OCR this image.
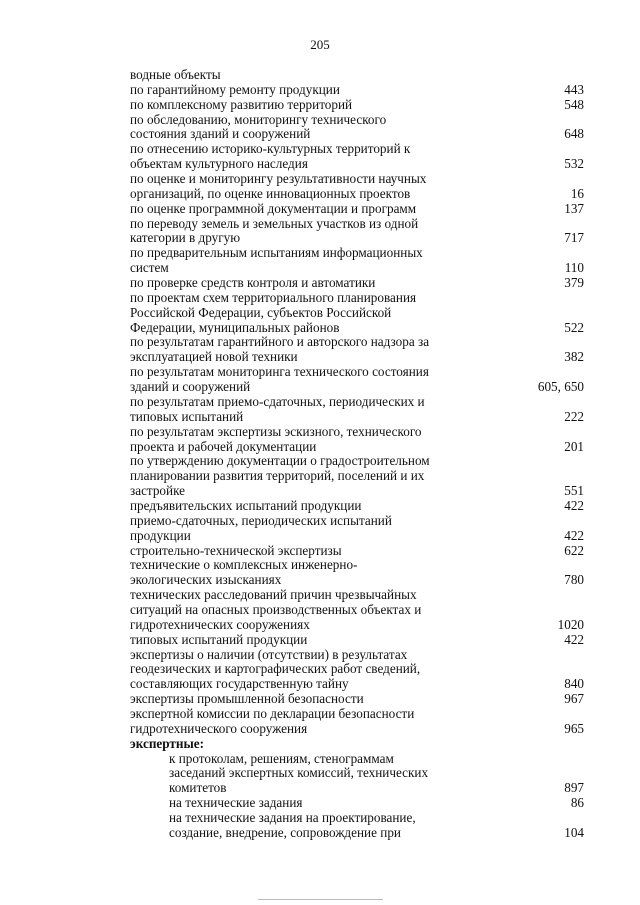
205
водные объекты
по гарантийному ремонту продукции	443
по комплексному развитию территорий	548
по обследованию, мониторингу технического
состояния зданий и сооружений	648
по отнесению историко-культурных территорий к
объектам культурного наследия	532
по оценке и мониторингу результативности научных
организаций, по оценке инновационных проектов	16
по оценке программной документации и программ	137
по переводу земель и земельных участков из одной
категории в другую	717
по предварительным испытаниям информационных
систем	110
по проверке средств контроля и автоматики	379
по проектам схем территориального планирования
Российской Федерации, субъектов Российской
Федерации, муниципальных районов	522
по результатам гарантийного и авторского надзора за
эксплуатацией новой техники	382
по результатам мониторинга технического состояния
зданий и сооружений	605, 650
по результатам приемо-сдаточных, периодических и
типовых испытаний	222
по результатам экспертизы эскизного, технического
проекта и рабочей документации	201
по утверждению документации о градостроительном
планировании развития территорий, поселений и их
застройке	551
предъявительских испытаний продукции	422
приемо-сдаточных, периодических испытаний
продукции	422
строительно-технической экспертизы	622
технические о комплексных инженерно-
экологических изысканиях	780
технических расследований причин чрезвычайных
ситуаций на опасных производственных объектах и
гидротехнических сооружениях	1020
типовых испытаний продукции	422
экспертизы о наличии (отсутствии) в результатах
геодезических и картографических работ сведений,
составляющих государственную тайну	840
экспертизы промышленной безопасности	967
экспертной комиссии по декларации безопасности
гидротехнического сооружения	965
экспертные:
к протоколам, решениям, стенограммам
заседаний экспертных комиссий, технических
комитетов	897
на технические задания	86
на технические задания на проектирование,
создание, внедрение, сопровождение при	104
